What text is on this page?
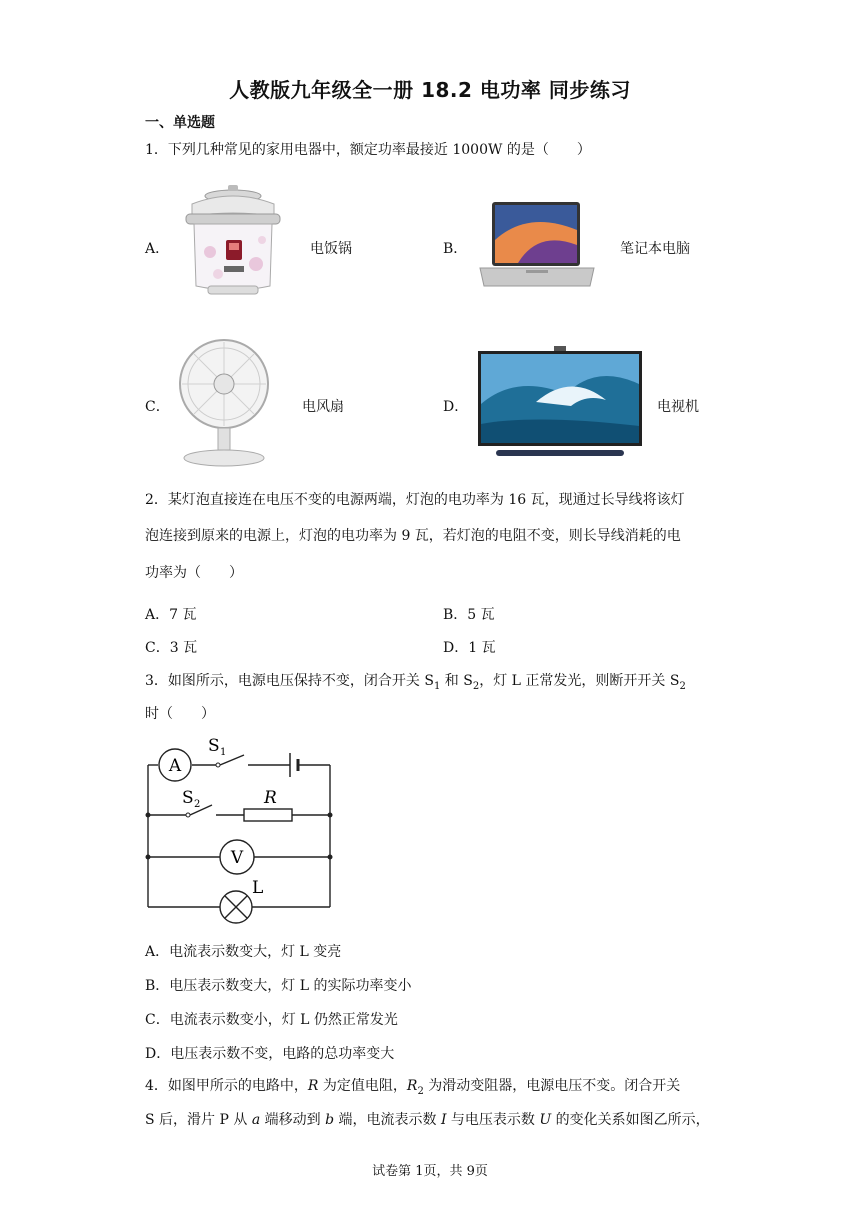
人教版九年级全一册 18.2 电功率 同步练习
一、单选题
1．下列几种常见的家用电器中，额定功率最接近 1000W 的是（　　）
A．	电饭锅	B．	笔记本电脑
C．	电风扇	D．	电视机
2．某灯泡直接连在电压不变的电源两端，灯泡的电功率为 16 瓦，现通过长导线将该灯
泡连接到原来的电源上，灯泡的电功率为 9 瓦，若灯泡的电阻不变，则长导线消耗的电
功率为（　　）
A．7 瓦	B．5 瓦
C．3 瓦	D．1 瓦
3．如图所示，电源电压保持不变，闭合开关 $S_1$ 和 $S_2$，灯 L 正常发光，则断开开关 $S_2$
时（　　）
A
S 1
S 2	R
V
L
A．电流表示数变大，灯 L 变亮
B．电压表示数变大，灯 L 的实际功率变小
C．电流表示数变小，灯 L 仍然正常发光
D．电压表示数不变，电路的总功率变大
4．如图甲所示的电路中，R 为定值电阻，$R_2$ 为滑动变阻器，电源电压不变。闭合开关
S 后，滑片 P 从 a 端移动到 b 端，电流表示数 I 与电压表示数 U 的变化关系如图乙所示，
试卷第 1页，共 9页
